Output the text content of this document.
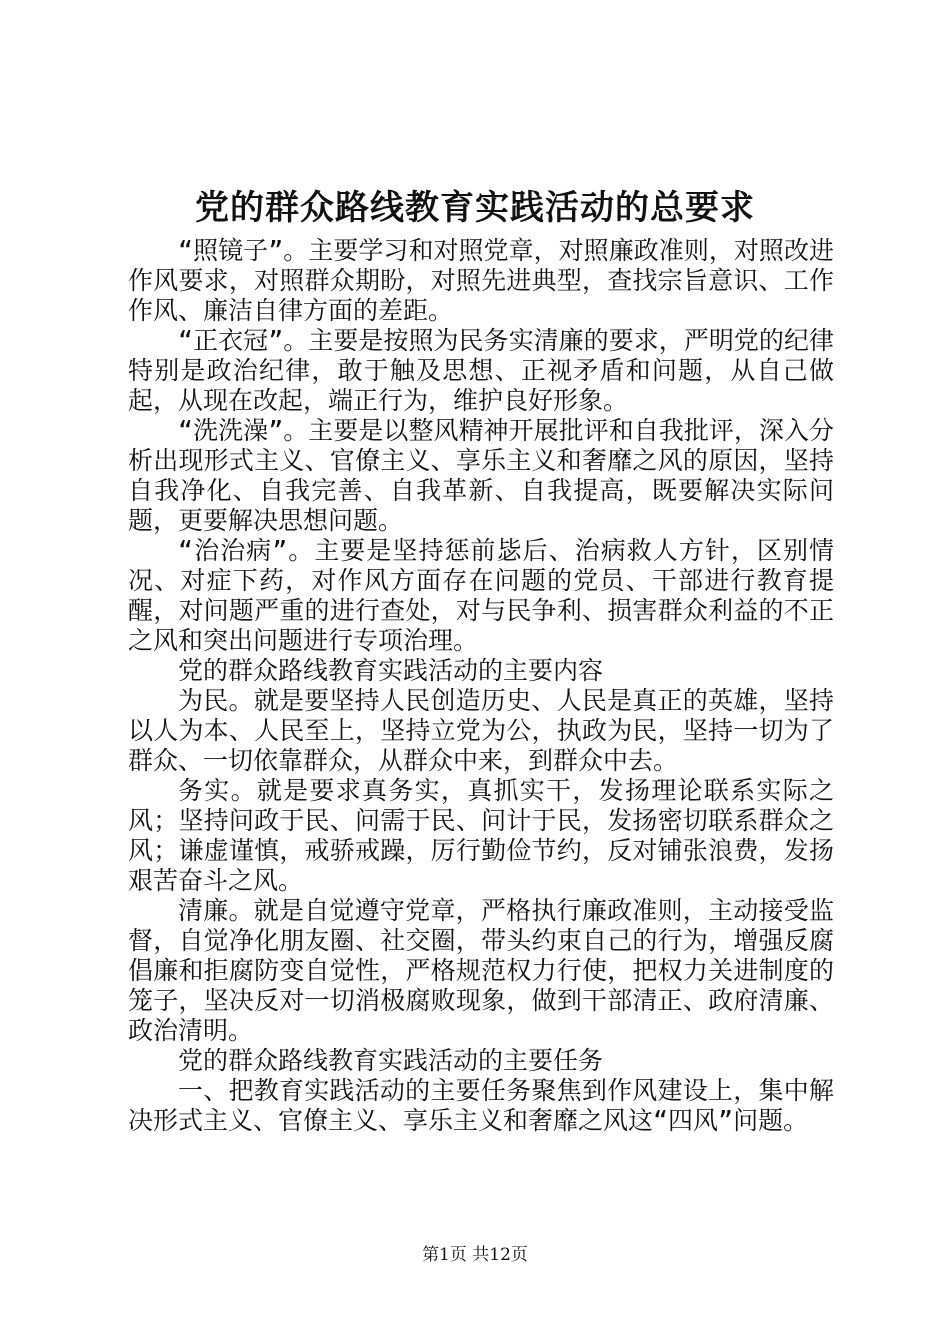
党的群众路线教育实践活动的总要求

“照镜子”。主要学习和对照党章，对照廉政准则，对照改进作风要求，对照群众期盼，对照先进典型，查找宗旨意识、工作作风、廉洁自律方面的差距。

“正衣冠”。主要是按照为民务实清廉的要求，严明党的纪律特别是政治纪律，敢于触及思想、正视矛盾和问题，从自己做起，从现在改起，端正行为，维护良好形象。

“洗洗澡”。主要是以整风精神开展批评和自我批评，深入分析出现形式主义、官僚主义、享乐主义和奢靡之风的原因，坚持自我净化、自我完善、自我革新、自我提高，既要解决实际问题，更要解决思想问题。

“治治病”。主要是坚持惩前毖后、治病救人方针，区别情况、对症下药，对作风方面存在问题的党员、干部进行教育提醒，对问题严重的进行查处，对与民争利、损害群众利益的不正之风和突出问题进行专项治理。

党的群众路线教育实践活动的主要内容

为民。就是要坚持人民创造历史、人民是真正的英雄，坚持以人为本、人民至上，坚持立党为公，执政为民，坚持一切为了群众、一切依靠群众，从群众中来，到群众中去。

务实。就是要求真务实，真抓实干，发扬理论联系实际之风；坚持问政于民、问需于民、问计于民，发扬密切联系群众之风；谦虚谨慎，戒骄戒躁，厉行勤俭节约，反对铺张浪费，发扬艰苦奋斗之风。

清廉。就是自觉遵守党章，严格执行廉政准则，主动接受监督，自觉净化朋友圈、社交圈，带头约束自己的行为，增强反腐倡廉和拒腐防变自觉性，严格规范权力行使，把权力关进制度的笼子，坚决反对一切消极腐败现象，做到干部清正、政府清廉、政治清明。

党的群众路线教育实践活动的主要任务

一、把教育实践活动的主要任务聚焦到作风建设上，集中解决形式主义、官僚主义、享乐主义和奢靡之风这“四风”问题。

第1页 共12页
